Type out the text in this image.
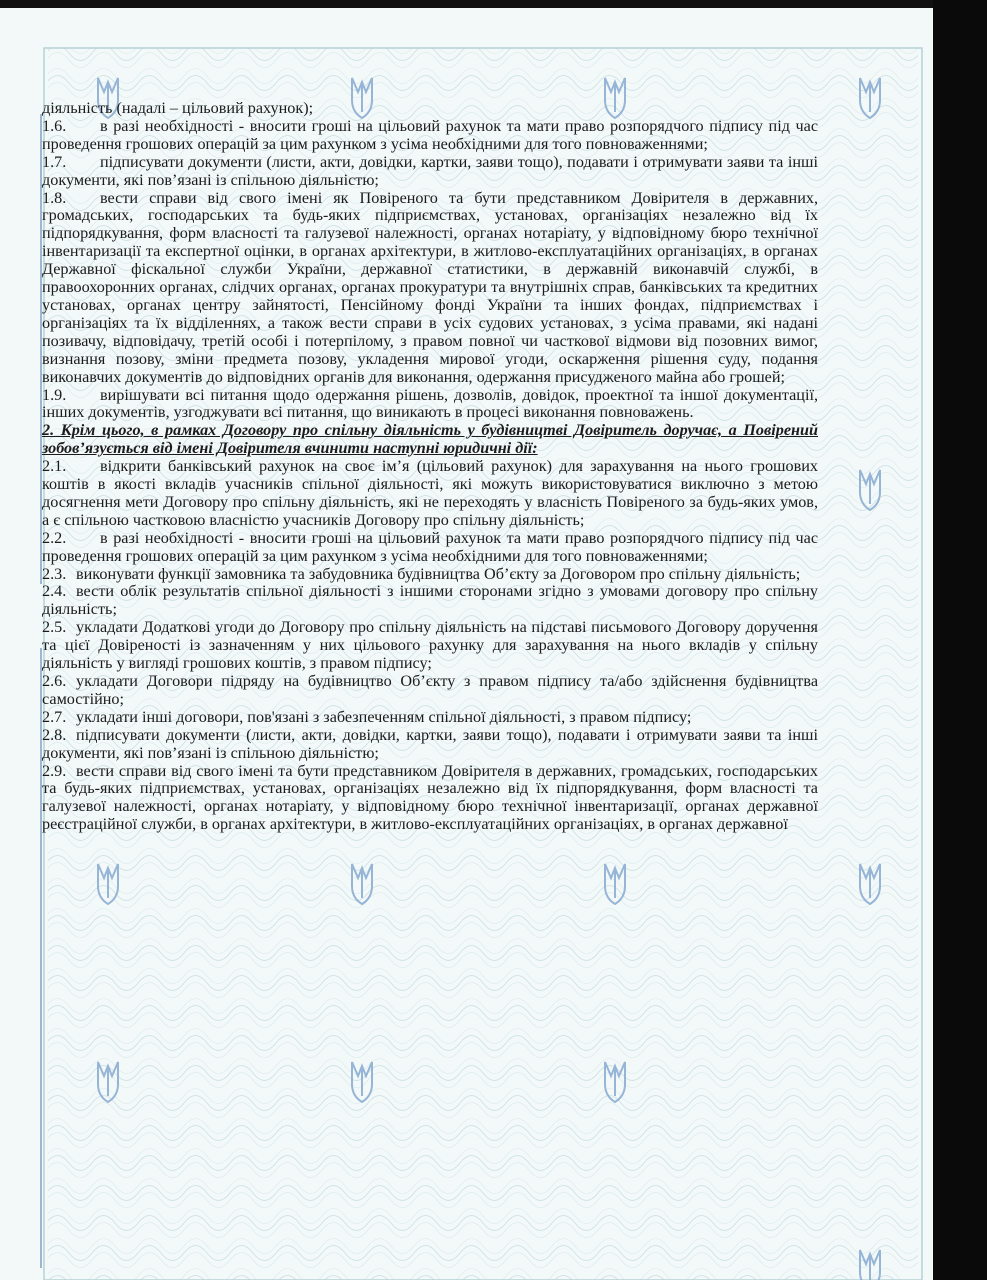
діяльність (надалі – цільовий рахунок);

1.6. в разі необхідності - вносити гроші на цільовий рахунок та мати право розпорядчого підпису під час проведення грошових операцій за цим рахунком з усіма необхідними для того повноваженнями;

1.7. підписувати документи (листи, акти, довідки, картки, заяви тощо), подавати і отримувати заяви та інші документи, які пов’язані із спільною діяльністю;

1.8. вести справи від свого імені як Повіреного та бути представником Довірителя в державних, громадських, господарських та будь-яких підприємствах, установах, організаціях незалежно від їх підпорядкування, форм власності та галузевої належності, органах нотаріату, у відповідному бюро технічної інвентаризації та експертної оцінки, в органах архітектури, в житлово-експлуатаційних організаціях, в органах Державної фіскальної служби України, державної статистики, в державній виконавчій службі, в правоохоронних органах, слідчих органах, органах прокуратури та внутрішніх справ, банківських та кредитних установах, органах центру зайнятості, Пенсійному фонді України та інших фондах, підприємствах і організаціях та їх відділеннях, а також вести справи в усіх судових установах, з усіма правами, які надані позивачу, відповідачу, третій особі і потерпілому, з правом повної чи часткової відмови від позовних вимог, визнання позову, зміни предмета позову, укладення мирової угоди, оскарження рішення суду, подання виконавчих документів до відповідних органів для виконання, одержання присудженого майна або грошей;

1.9. вирішувати всі питання щодо одержання рішень, дозволів, довідок, проектної та іншої документації, інших документів, узгоджувати всі питання, що виникають в процесі виконання повноважень.

2. Крім цього, в рамках Договору про спільну діяльність у будівництві Довіритель доручає, а Повірений зобов’язується від імені Довірителя вчинити наступні юридичні дії:

2.1. відкрити банківський рахунок на своє ім’я (цільовий рахунок) для зарахування на нього грошових коштів в якості вкладів учасників спільної діяльності, які можуть використовуватися виключно з метою досягнення мети Договору про спільну діяльність, які не переходять у власність Повіреного за будь-яких умов, а є спільною частковою власністю учасників Договору про спільну діяльність;

2.2. в разі необхідності - вносити гроші на цільовий рахунок та мати право розпорядчого підпису під час проведення грошових операцій за цим рахунком з усіма необхідними для того повноваженнями;

2.3. виконувати функції замовника та забудовника будівництва Об’єкту за Договором про спільну діяльність;

2.4. вести облік результатів спільної діяльності з іншими сторонами згідно з умовами договору про спільну діяльність;

2.5. укладати Додаткові угоди до Договору про спільну діяльність на підставі письмового Договору доручення та цієї Довіреності із зазначенням у них цільового рахунку для зарахування на нього вкладів у спільну діяльність у вигляді грошових коштів, з правом підпису;

2.6. укладати Договори підряду на будівництво Об’єкту з правом підпису та/або здійснення будівництва самостійно;

2.7. укладати інші договори, пов'язані з забезпеченням спільної діяльності, з правом підпису;

2.8. підписувати документи (листи, акти, довідки, картки, заяви тощо), подавати і отримувати заяви та інші документи, які пов’язані із спільною діяльністю;

2.9. вести справи від свого імені та бути представником Довірителя в державних, громадських, господарських та будь-яких підприємствах, установах, організаціях незалежно від їх підпорядкування, форм власності та галузевої належності, органах нотаріату, у відповідному бюро технічної інвентаризації, органах державної реєстраційної служби, в органах архітектури, в житлово-експлуатаційних організаціях, в органах державної
